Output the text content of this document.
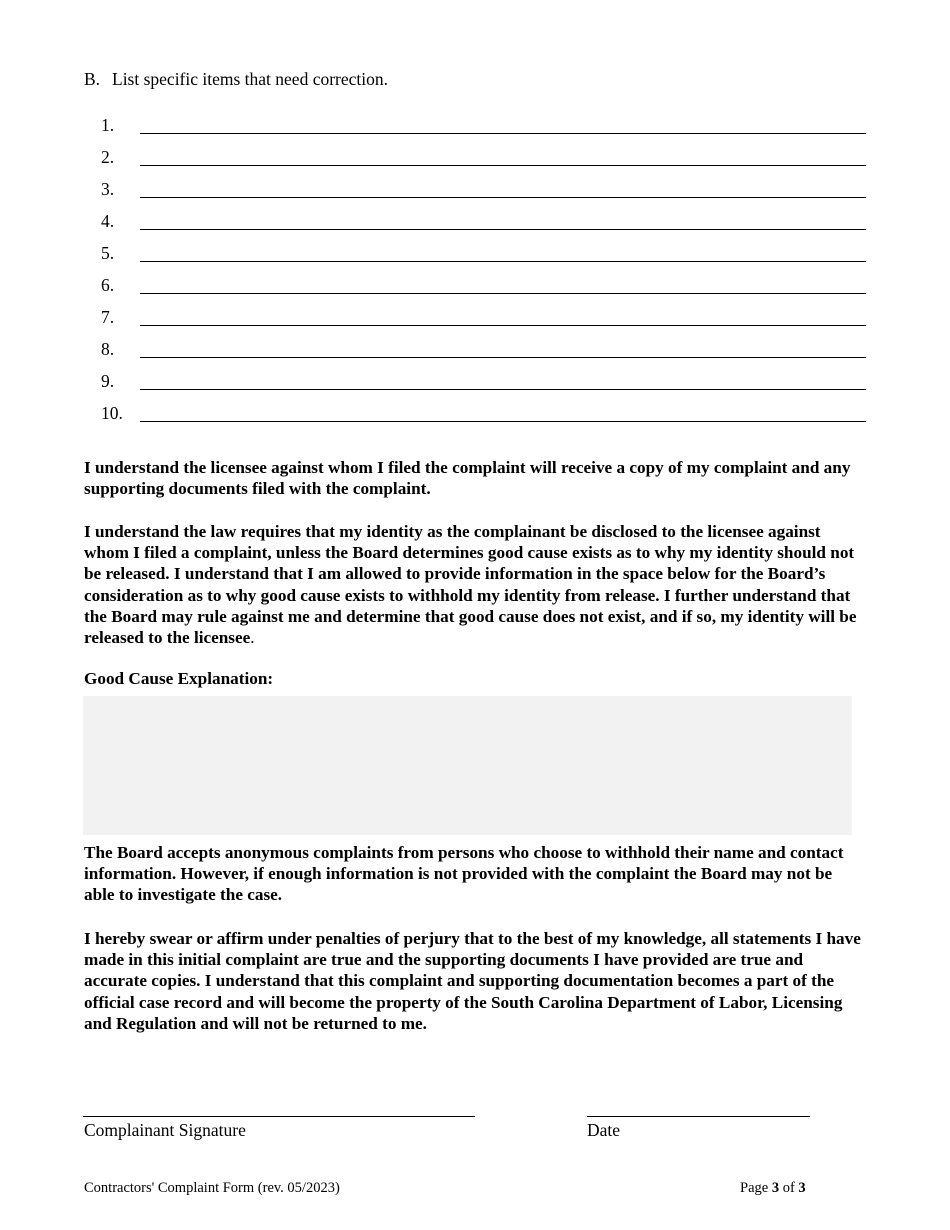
B. List specific items that need correction.
1.
2.
3.
4.
5.
6.
7.
8.
9.
10.
I understand the licensee against whom I filed the complaint will receive a copy of my complaint and any supporting documents filed with the complaint.
I understand the law requires that my identity as the complainant be disclosed to the licensee against whom I filed a complaint, unless the Board determines good cause exists as to why my identity should not be released. I understand that I am allowed to provide information in the space below for the Board’s consideration as to why good cause exists to withhold my identity from release. I further understand that the Board may rule against me and determine that good cause does not exist, and if so, my identity will be released to the licensee.
Good Cause Explanation:
The Board accepts anonymous complaints from persons who choose to withhold their name and contact information. However, if enough information is not provided with the complaint the Board may not be able to investigate the case.
I hereby swear or affirm under penalties of perjury that to the best of my knowledge, all statements I have made in this initial complaint are true and the supporting documents I have provided are true and accurate copies. I understand that this complaint and supporting documentation becomes a part of the official case record and will become the property of the South Carolina Department of Labor, Licensing and Regulation and will not be returned to me.
Complainant Signature	Date
Contractors' Complaint Form (rev. 05/2023)	Page 3 of 3
